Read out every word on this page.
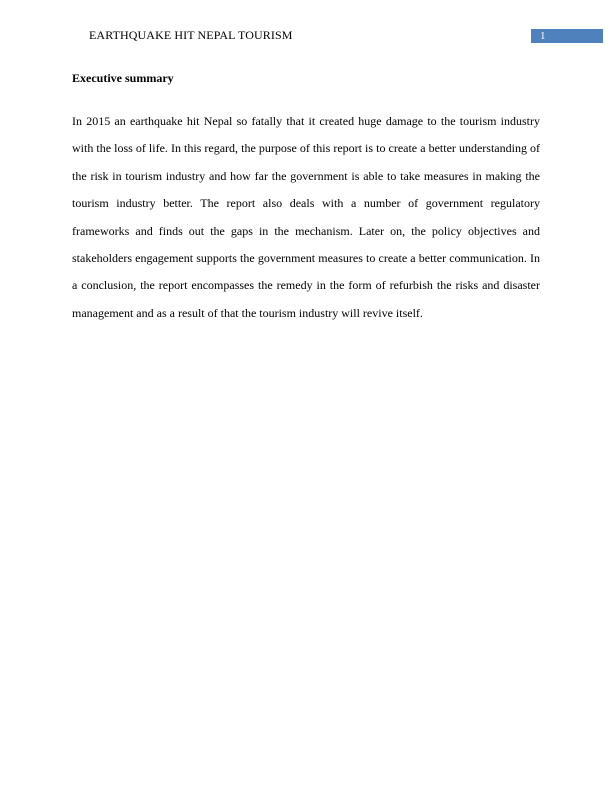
EARTHQUAKE HIT NEPAL TOURISM	1
Executive summary

In 2015 an earthquake hit Nepal so fatally that it created huge damage to the tourism industry with the loss of life. In this regard, the purpose of this report is to create a better understanding of the risk in tourism industry and how far the government is able to take measures in making the tourism industry better. The report also deals with a number of government regulatory frameworks and finds out the gaps in the mechanism. Later on, the policy objectives and stakeholders engagement supports the government measures to create a better communication. In a conclusion, the report encompasses the remedy in the form of refurbish the risks and disaster management and as a result of that the tourism industry will revive itself.
